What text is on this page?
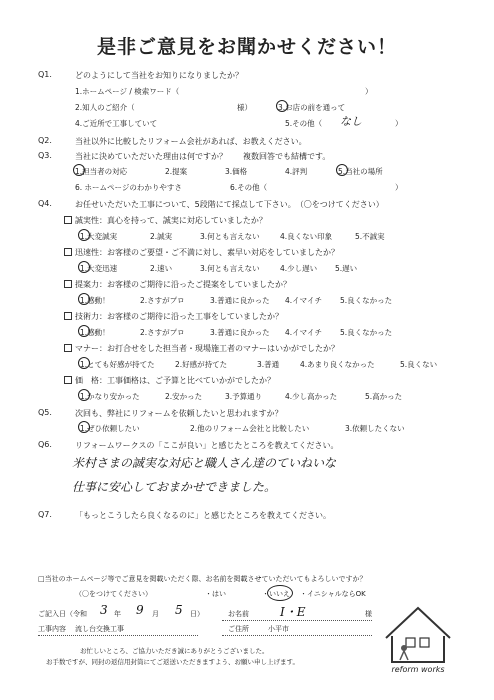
是非ご意見をお聞かせください！
Q1.	どのようにして当社をお知りになりましたか？
1.ホームページ / 検索ワード（	）
2.知人のご紹介（	様）	3.お店の前を通って
4.ご近所で工事していて	5.その他（ なし	）
Q2.	当社以外に比較したリフォーム会社があれば、お教えください。
Q3.	当社に決めていただいた理由は何ですか？　　複数回答でも結構です。
1.担当者の対応	2.提案	3.価格	4.評判	5.当社の場所
6. ホームページのわかりやすさ	6.その他（	）
Q4.	お任せいただいた工事について、5段階にて採点して下さい。　（〇をつけてください）
誠実性：真心を持って、誠実に対応していましたか？
1.大変誠実	2.誠実	3.何とも言えない	4.良くない印象	5.不誠実
迅速性：お客様のご要望・ご不満に対し、素早い対応をしていましたか？
1.大変迅速	2.速い	3.何とも言えない	4.少し遅い 5.遅い
提案力：お客様のご期待に沿ったご提案をしていましたか？
1.感動！	2.さすがプロ	3.普通に良かった 4.イマイチ 5.良くなかった
技術力：お客様のご期待に沿った工事をしていましたか？
1.感動！	2.さすがプロ	3.普通に良かった 4.イマイチ 5.良くなかった
マナー：お打合せをした担当者・現場施工者のマナーはいかがでしたか？
1.とても好感が持てた	2.好感が持てた	3.普通	4.あまり良くなかった	5.良くない
価　格：工事価格は、ご予算と比べていかがでしたか？
1.かなり安かった	2.安かった	3.予算通り	4.少し高かった	5.高かった
Q5.	次回も、弊社にリフォームを依頼したいと思われますか？
1.ぜひ依頼したい	2.他のリフォーム会社と比較したい	3.依頼したくない
Q6.	リフォームワークスの「ここが良い」と感じたところを教えてください。
米村さまの誠実な対応と職人さん達のていねいな
仕事に安心しておまかせできました。
Q7.	「もっとこうしたら良くなるのに」と感じたところを教えてください。
□当社のホームページ等でご意見を掲載いただく際、お名前を掲載させていただいてもよろしいですか？
（〇をつけてください）	・はい	・いいえ ・イニシャルならOK
ご記入日（令和 3 年 9 月 5 日）	お名前	I・E	様
工事内容 流し台交換工事	ご住所	小平市
お忙しいところ、ご協力いただき誠にありがとうございました。
お手数ですが、同封の返信用封筒にてご返送いただきますよう、お願い申し上げます。
reform works
